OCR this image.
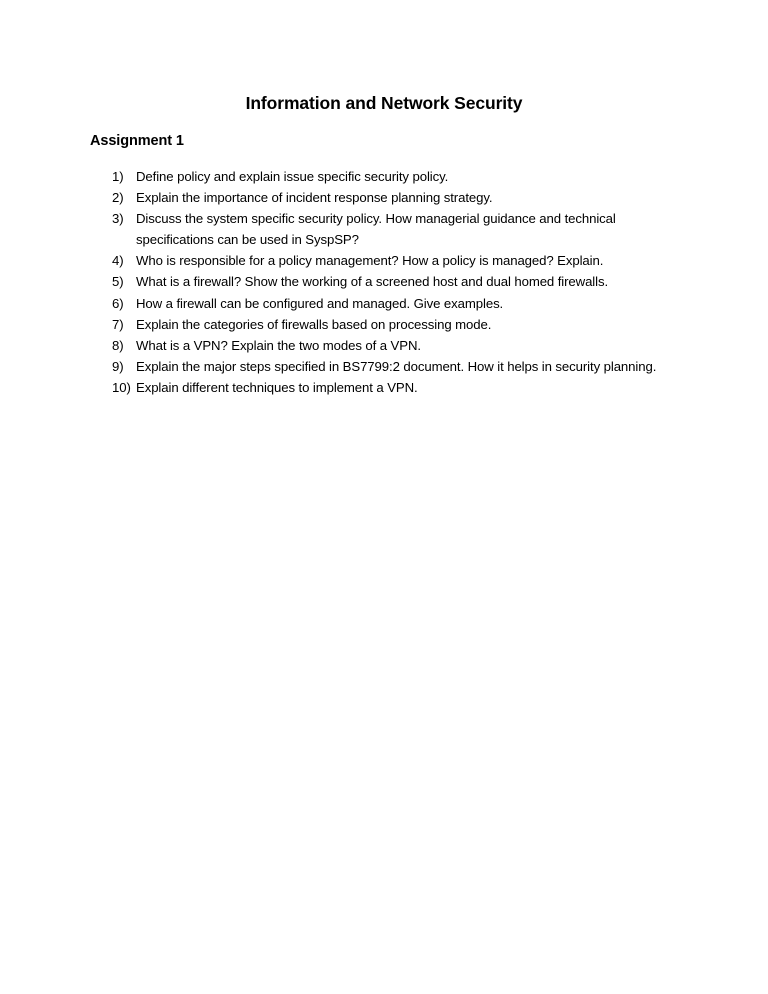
Information and Network Security
Assignment 1
1) Define policy and explain issue specific security policy.
2) Explain the importance of incident response planning strategy.
3) Discuss the system specific security policy. How managerial guidance and technical specifications can be used in SyspSP?
4) Who is responsible for a policy management? How a policy is managed? Explain.
5) What is a firewall? Show the working of a screened host and dual homed firewalls.
6) How a firewall can be configured and managed. Give examples.
7) Explain the categories of firewalls based on processing mode.
8) What is a VPN? Explain the two modes of a VPN.
9) Explain the major steps specified in BS7799:2 document. How it helps in security planning.
10) Explain different techniques to implement a VPN.
